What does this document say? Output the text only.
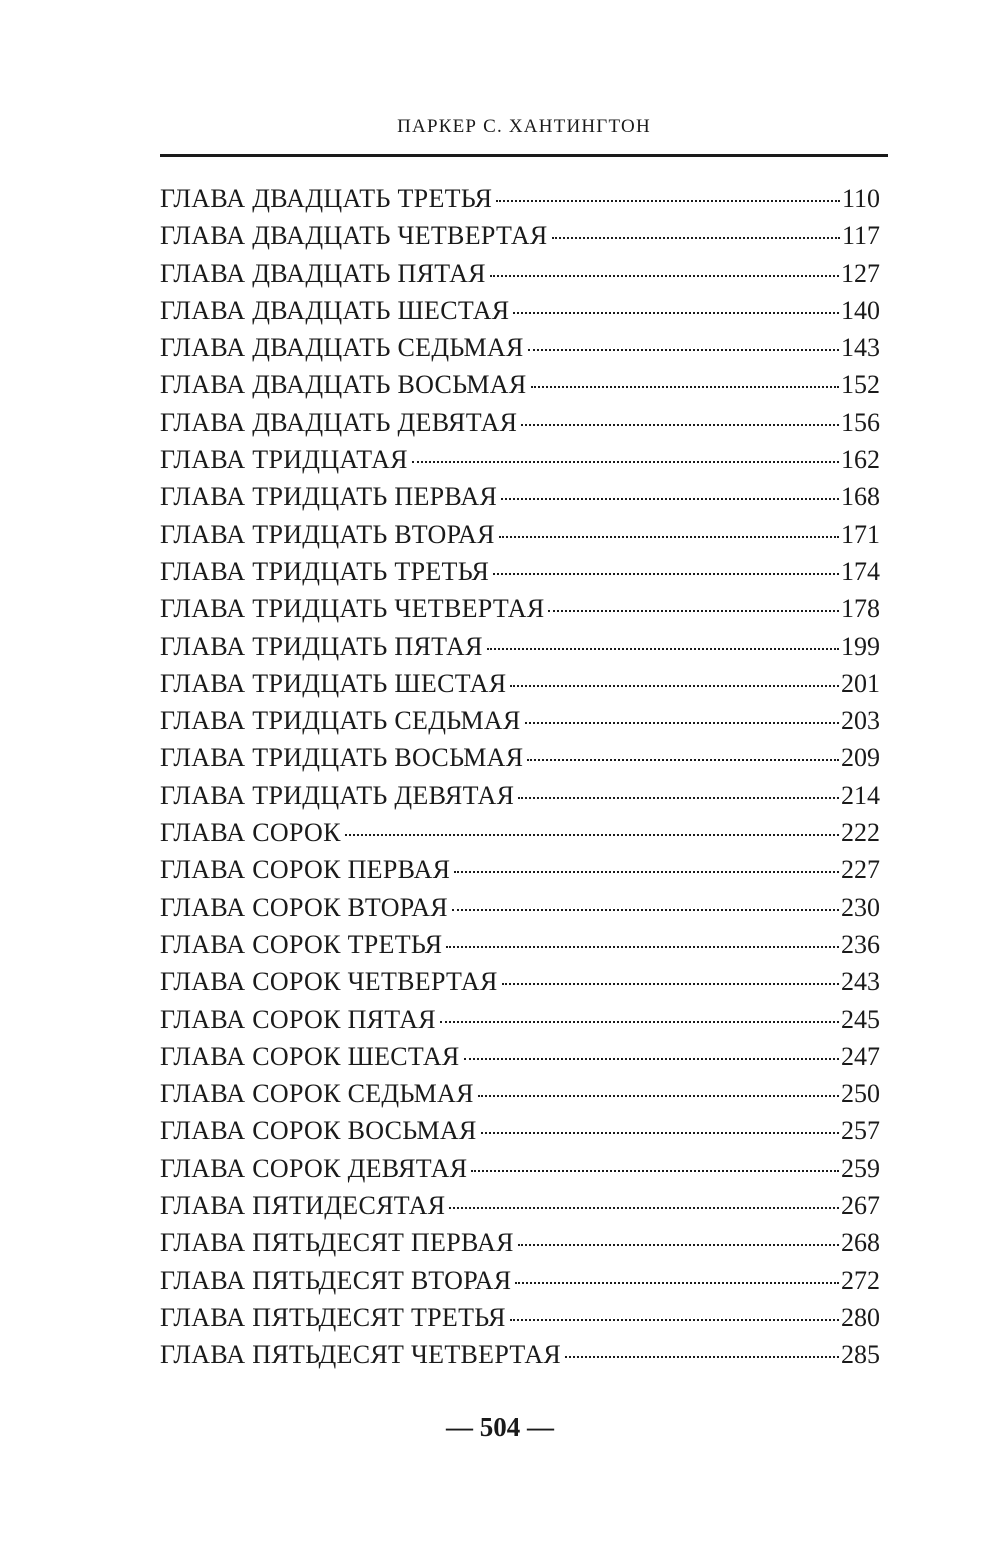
ПАРКЕР С. ХАНТИНГТОН
ГЛАВА ДВАДЦАТЬ ТРЕТЬЯ	110
ГЛАВА ДВАДЦАТЬ ЧЕТВЕРТАЯ	117
ГЛАВА ДВАДЦАТЬ ПЯТАЯ	127
ГЛАВА ДВАДЦАТЬ ШЕСТАЯ	140
ГЛАВА ДВАДЦАТЬ СЕДЬМАЯ	143
ГЛАВА ДВАДЦАТЬ ВОСЬМАЯ	152
ГЛАВА ДВАДЦАТЬ ДЕВЯТАЯ	156
ГЛАВА ТРИДЦАТАЯ	162
ГЛАВА ТРИДЦАТЬ ПЕРВАЯ	168
ГЛАВА ТРИДЦАТЬ ВТОРАЯ	171
ГЛАВА ТРИДЦАТЬ ТРЕТЬЯ	174
ГЛАВА ТРИДЦАТЬ ЧЕТВЕРТАЯ	178
ГЛАВА ТРИДЦАТЬ ПЯТАЯ	199
ГЛАВА ТРИДЦАТЬ ШЕСТАЯ	201
ГЛАВА ТРИДЦАТЬ СЕДЬМАЯ	203
ГЛАВА ТРИДЦАТЬ ВОСЬМАЯ	209
ГЛАВА ТРИДЦАТЬ ДЕВЯТАЯ	214
ГЛАВА СОРОК	222
ГЛАВА СОРОК ПЕРВАЯ	227
ГЛАВА СОРОК ВТОРАЯ	230
ГЛАВА СОРОК ТРЕТЬЯ	236
ГЛАВА СОРОК ЧЕТВЕРТАЯ	243
ГЛАВА СОРОК ПЯТАЯ	245
ГЛАВА СОРОК ШЕСТАЯ	247
ГЛАВА СОРОК СЕДЬМАЯ	250
ГЛАВА СОРОК ВОСЬМАЯ	257
ГЛАВА СОРОК ДЕВЯТАЯ	259
ГЛАВА ПЯТИДЕСЯТАЯ	267
ГЛАВА ПЯТЬДЕСЯТ ПЕРВАЯ	268
ГЛАВА ПЯТЬДЕСЯТ ВТОРАЯ	272
ГЛАВА ПЯТЬДЕСЯТ ТРЕТЬЯ	280
ГЛАВА ПЯТЬДЕСЯТ ЧЕТВЕРТАЯ	285
— 504 —
